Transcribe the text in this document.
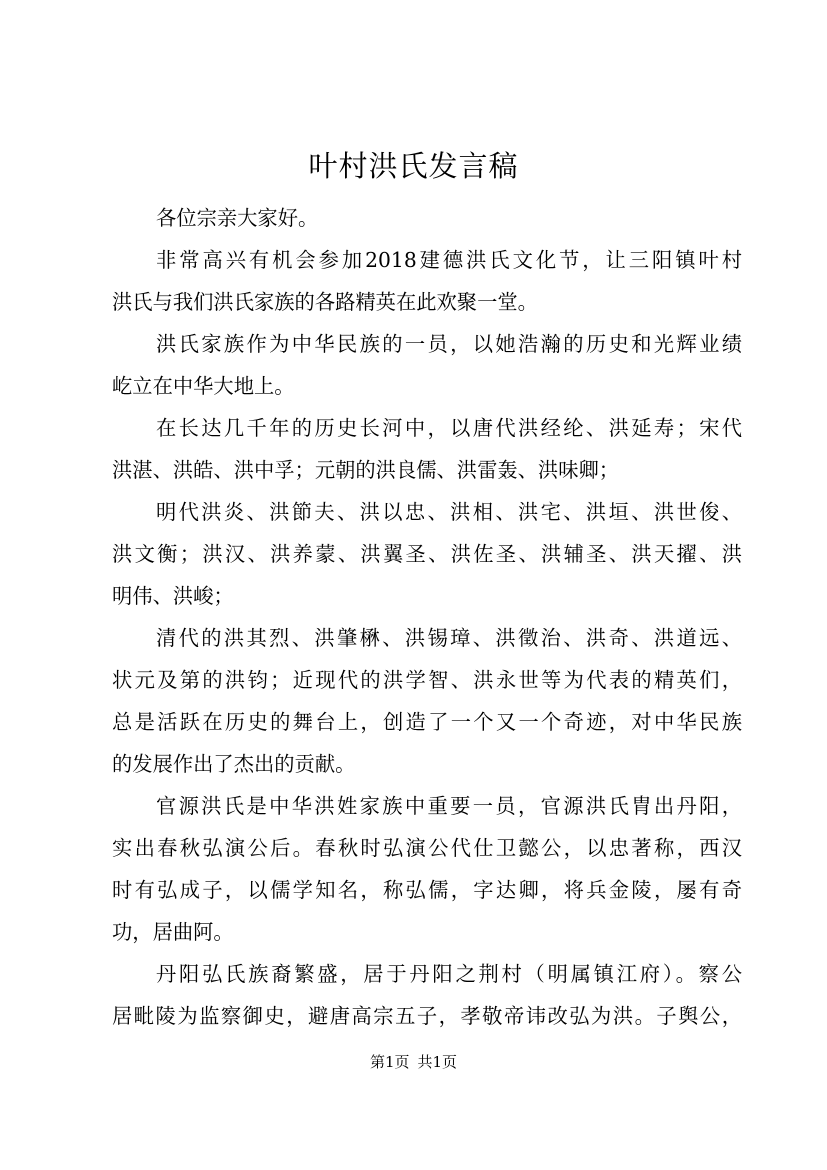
叶村洪氏发言稿
各位宗亲大家好。
非常高兴有机会参加2018建德洪氏文化节，让三阳镇叶村
洪氏与我们洪氏家族的各路精英在此欢聚一堂。
洪氏家族作为中华民族的一员，以她浩瀚的历史和光辉业绩
屹立在中华大地上。
在长达几千年的历史长河中，以唐代洪经纶、洪延寿；宋代
洪湛、洪皓、洪中孚；元朝的洪良儒、洪雷轰、洪味卿；
明代洪炎、洪節夫、洪以忠、洪相、洪宅、洪垣、洪世俊、
洪文衡；洪汉、洪养蒙、洪翼圣、洪佐圣、洪辅圣、洪天擢、洪
明伟、洪峻；
清代的洪其烈、洪肇楙、洪锡璋、洪徵治、洪奇、洪道远、
状元及第的洪钧；近现代的洪学智、洪永世等为代表的精英们，
总是活跃在历史的舞台上，创造了一个又一个奇迹，对中华民族
的发展作出了杰出的贡献。
官源洪氏是中华洪姓家族中重要一员，官源洪氏胄出丹阳，
实出春秋弘演公后。春秋时弘演公代仕卫懿公，以忠著称，西汉
时有弘成子，以儒学知名，称弘儒，字达卿，将兵金陵，屡有奇
功，居曲阿。
丹阳弘氏族裔繁盛，居于丹阳之荆村（明属镇江府）。察公
居毗陵为监察御史，避唐高宗五子，孝敬帝讳改弘为洪。子舆公，
第1页 共1页
